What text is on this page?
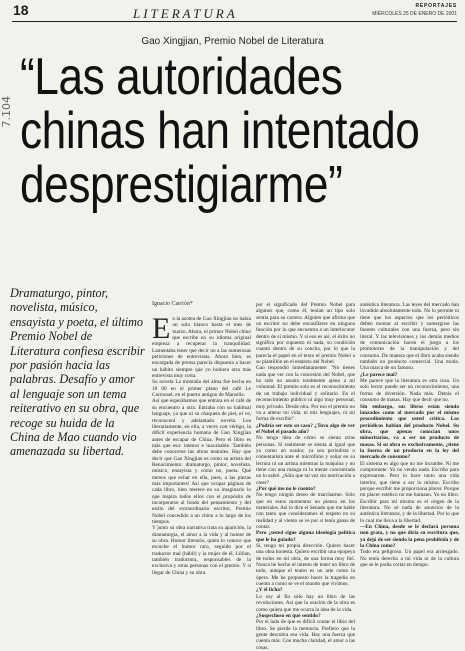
18	LITERATURA	REPORTAJES
MIÉRCOLES 25 DE ENERO DE 2001
Gao Xingjian, Premio Nobel de Literatura
7.104
“Las autoridades
chinas han intentado
desprestigiarme”
Dramaturgo, pintor, novelista, músico, ensayista y poeta, el último Premio Nobel de Literatura confiesa escribir por pasión hacia las palabras. Desafío y amor al lenguaje son un tema reiterativo en su obra, que recoge su huida de la China de Mao cuando vio amenazada su libertad.
Ignacio Carrión*

En la azotea de Gao Xingjian no había un solo blanco hasta el mes de marzo. Ahora, el primer Nobel chino que escribe en su idioma original empieza a recuperar la tranquilidad. Lamentaba tener que decir no a las numerosas peticiones de entrevistas. Ahora bien, es encargada de prensa parecía dispuesta a hacer un hábito siempre que yo hubiera otra más entrevista muy corta.

Su novela La montaña del alma fue hecha en 18 00 en el primer plano del café Le Carrousel, en el puerto antiguo de Marsella.

Así que esperábamos que entrara en el café de su encuentro a otra. Entraba con su habitual lenguaje, ya que ni su chaqueta de piel, el ve, reconocerá y adelantado novela. Lea literariamente, en ella, a veces con vértigo, la difícil experiencia humana de Gao Xingjian antes de escapar de China. Pero el libro es más que eso: intenso e inacabable. También debe conocerse las obras teatrales. Hay que decir que Gao Xingjian es como su artista del Renacimiento: dramaturgo, pintor, novelista, músico, ensayista y cómo no, poeta. Qué menos que echar en ella, pues, a las piezas más importantes! Así que ocupar páginas de cada libro, bien merece en su imaginario lo que inspira todos ellos con el propósito de incorporarse al fondo del pensamiento y del estilo del extraordinario escritor, Premio Nobel concedido a un chino a lo largo de los tiempos.

Y junto su obra narrativa trata su aparición, la dramaturgia, el amor a la vida y al humor de su obra. Humor literario, quien lo conoce que escuche el humor raro, seguido por el traductor mal (hábil) y la mujer de él, Lillian, también traductora, responsables de la exclusiva y otras personas con el premio. Y si llegar de China y su obra.

por el significado del Premio Nobel para algunos que, como él, tenían un tipo solo sentía para su carrera. Alguien que afirma que un escritor no debe encasillarse en ninguna función por lo que encuentra a un interlocutor dentro de sí mismo. Y sí eso es así, el éxito no significa por supuesto ni nada, su condición cuanto dentro de su concha, por lo que la parecía el papel en el texto el premio Nobel a su plantillón en el estatuto del Nobel.

Gao respondió inmediatamente: "No tienes nada que ver con la concesión del Nobel, que ha sido un asunto totalmente ajeno a mí voluntad. El premio solo es el reconocimiento de un trabajo individual y solitario. En el reconocimiento público ni algo muy personal, muy privado. Desde otra. Por eso el premio no va a alterar mi vida, ni mis lenguajes, ni mi forma de escribir".

¿Podría ser esto su caso? ¿Tuvo algo de ver el Nobel el pasado año?

No tengo idea de cómo se sienta otras personas. Si realmente se sienta al igual que yo como un orador, ya sea periodista o comentarista ante el micrófono y soñar en su lectura ni un artista mientras la máquina y no tiene con una manga ni la mente concentrada no lo sabré. ¿Sólo que tal vez sin motivación a creer?

¿Por qué me no le cuento?

No tengo ningún deseo de marcharme. Sólo que en estos momentos no pienso en los materiales. Así lo dice el Senado que me hable con tanto que consideramos el respeto en su realidad y al viento se ve por si tenía ganas de contar.

Pero ¿usted sigue alguna ideología política que le ha guiado?

Sí, tengo mi propia dirección. Quiero hacer una obra honesta. Quiero escribir una epopeya de todos en mí obra, de una forma muy fiel. Nunca he hecho el intento de tener un libro de todo, aunque el teatro es un arte como la ópera. Me he propuesto hacer la tragedia en cuento a como se ve el mundo que vivimos.

¿Y él ficha?

Lo soy al fin sólo hay un libro de las revoluciones. Así que la oración de la obra es como quiera que me ocurra la idea de la vida.

¿Sospechoso en qué sentido?

Por el lado de que es difícil contar el libro del libro. Se pierde la memoria. Prefiero que la gente descubra esa vida. Hay una fuerza que cuenta más. Con mucha claridad, el amor a las cosas.

auténtica literatura. Las leyes del mercado han invadido absolutamente todo. No lo permite ni tiene que los aspectos que los periódicos deben montar al escribir y sumergirse las fuentes culturales con una fuerza, pero sin literal. Y las televisiones y los demás medios de comunicación hacen el juego a los promotores de la manipulación y del consumo. De manera que el libro acaba siendo también un producto comercial. Una moda. Una marca de un famoso.

¿Le parece mal?

Me parece que la literatura es otra cosa. Un solo lector puede ser un reconocimiento, una forma de diversión. Nada más. Detrás el consumo de masas. Hay que decir que no.

Sin embargo, sus libros están siendo lanzados como al mercado por el mismo procedimiento que usted critica. Los periódicos hablan del producto Nobel. Su obra, que apenas conocían unos minoritarios, va a ser un producto de masas. Si su obra es exclusivamente, ¿tiene la fuerza de un producto en la ley del mercado de consumo?

El sistema es algo que no me incumbe. Ni me compromete. Yo no vendo nada. Escribo para expresarme. Pero lo hace tanto una vida interior, que tiene a ser lo mismo. Escribo porque escribir me proporciona placer. Porque mi placer estético no me humano. Yo no libro. Escribir para mí mismo es el origen de la literatura. No sé nada de anuncios de la auténtica literatura, y de la libertad. Por lo que lo cual me lleva a la libertad.

—En China, desde se le declará persona non grata, y no que diría su escritura que, ya dejó de ser siendo la pena prohibida y de la China como?

Todo era peligroso. Un papel era arriesgado. No tenía derecho a mi vida ni de la cultura que se le podía cortar en tiempo.
